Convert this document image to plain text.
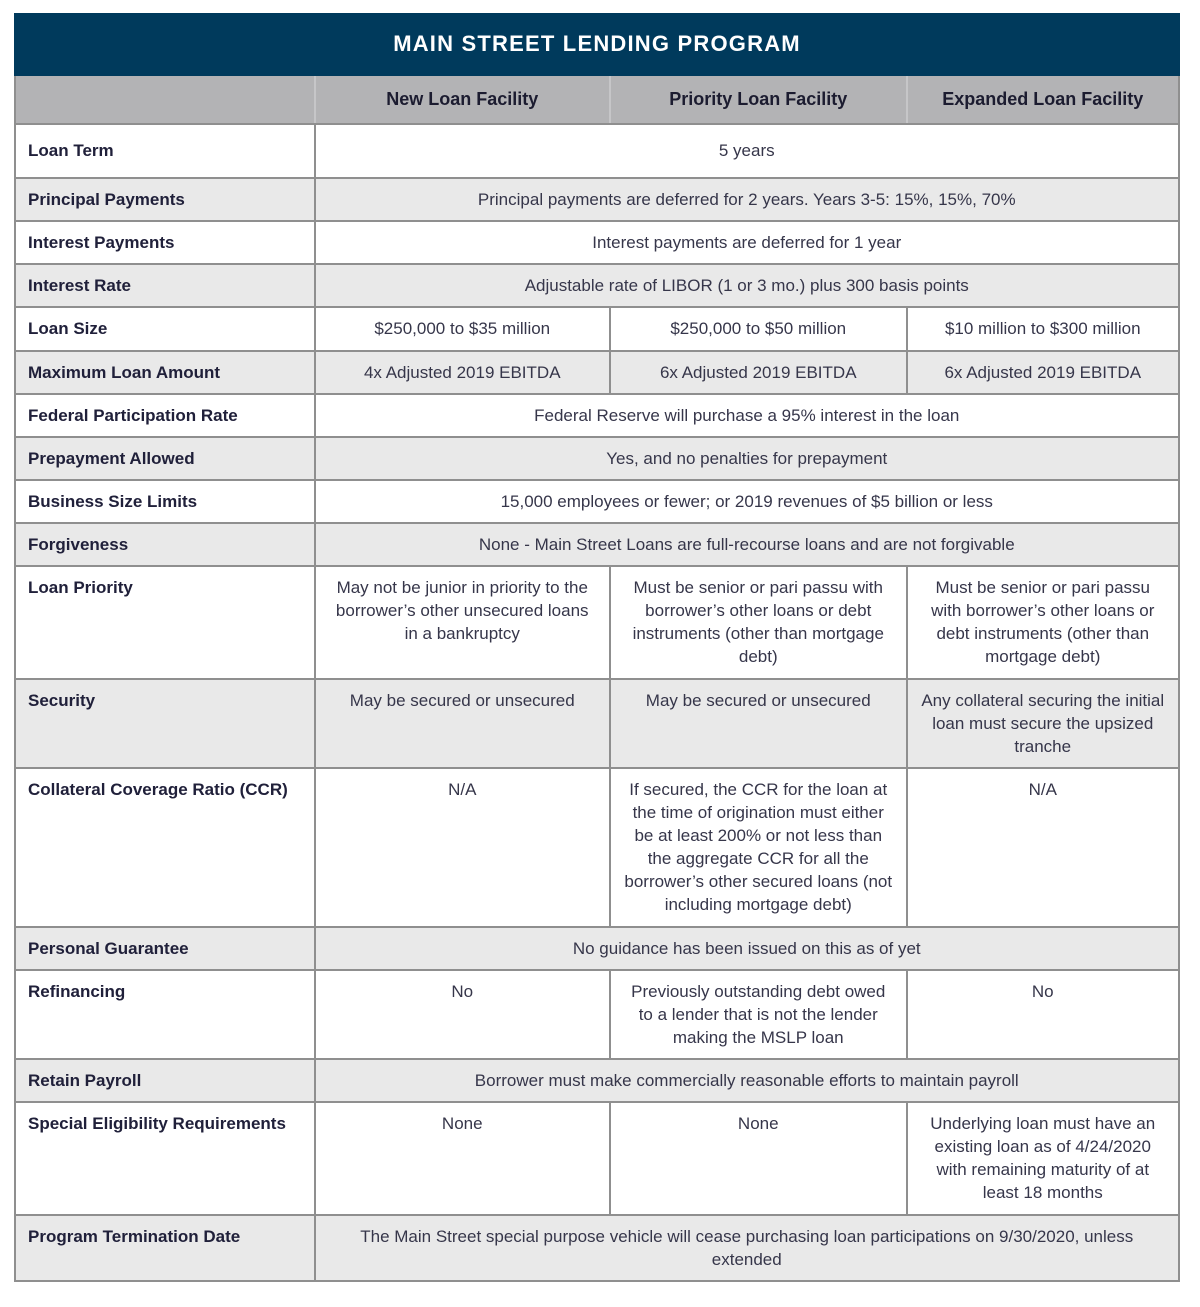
MAIN STREET LENDING PROGRAM			
	New Loan Facility	Priority Loan Facility	Expanded Loan Facility
Loan Term	5 years		
Principal Payments	Principal payments are deferred for 2 years. Years 3-5: 15%, 15%, 70%		
Interest Payments	Interest payments are deferred for 1 year		
Interest Rate	Adjustable rate of LIBOR (1 or 3 mo.) plus 300 basis points		
Loan Size	$250,000 to $35 million	$250,000 to $50 million	$10 million to $300 million
Maximum Loan Amount	4x Adjusted 2019 EBITDA	6x Adjusted 2019 EBITDA	6x Adjusted 2019 EBITDA
Federal Participation Rate	Federal Reserve will purchase a 95% interest in the loan		
Prepayment Allowed	Yes, and no penalties for prepayment		
Business Size Limits	15,000 employees or fewer; or 2019 revenues of $5 billion or less		
Forgiveness	None - Main Street Loans are full-recourse loans and are not forgivable		
Loan Priority	May not be junior in priority to the borrower’s other unsecured loans in a bankruptcy	Must be senior or pari passu with borrower’s other loans or debt instruments (other than mortgage debt)	Must be senior or pari passu with borrower’s other loans or debt instruments (other than mortgage debt)
Security	May be secured or unsecured	May be secured or unsecured	Any collateral securing the initial loan must secure the upsized tranche
Collateral Coverage Ratio (CCR)	N/A	If secured, the CCR for the loan at the time of origination must either be at least 200% or not less than the aggregate CCR for all the borrower’s other secured loans (not including mortgage debt)	N/A
Personal Guarantee	No guidance has been issued on this as of yet		
Refinancing	No	Previously outstanding debt owed to a lender that is not the lender making the MSLP loan	No
Retain Payroll	Borrower must make commercially reasonable efforts to maintain payroll		
Special Eligibility Requirements	None	None	Underlying loan must have an existing loan as of 4/24/2020 with remaining maturity of at least 18 months
Program Termination Date	The Main Street special purpose vehicle will cease purchasing loan participations on 9/30/2020, unless extended		
